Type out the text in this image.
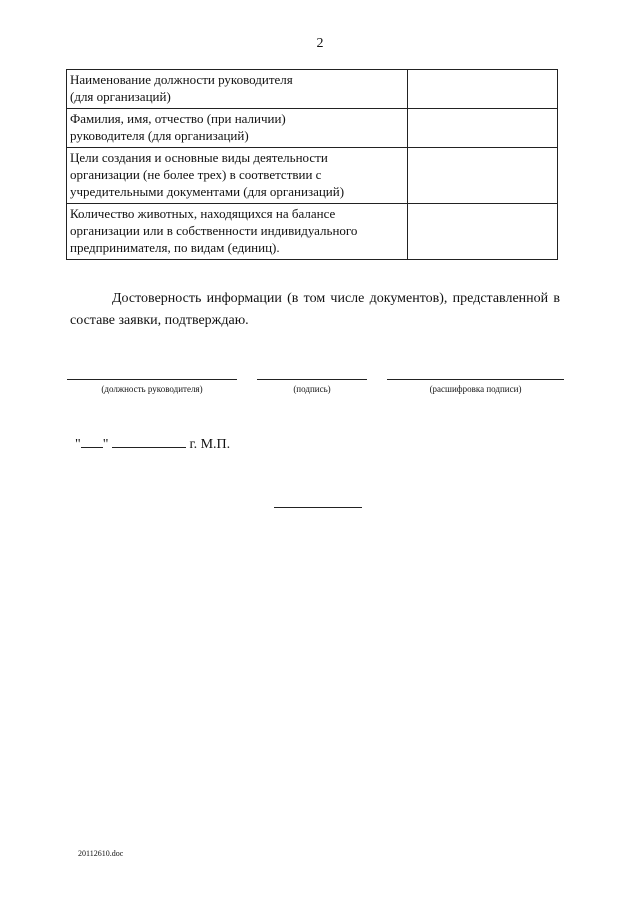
2
Наименование должности руководителя
(для организаций)	

Фамилия, имя, отчество (при наличии)
руководителя (для организаций)	

Цели создания и основные виды деятельности
организации (не более трех) в соответствии с
учредительными документами (для организаций)	

Количество животных, находящихся на балансе
организации или в собственности индивидуального
предпринимателя, по видам (единиц).	

Достоверность информации (в том числе документов), представленной в составе заявки, подтверждаю.

(должность руководителя)	(подпись)	(расшифровка подписи)
" "	г. М.П.
20112610.doc
